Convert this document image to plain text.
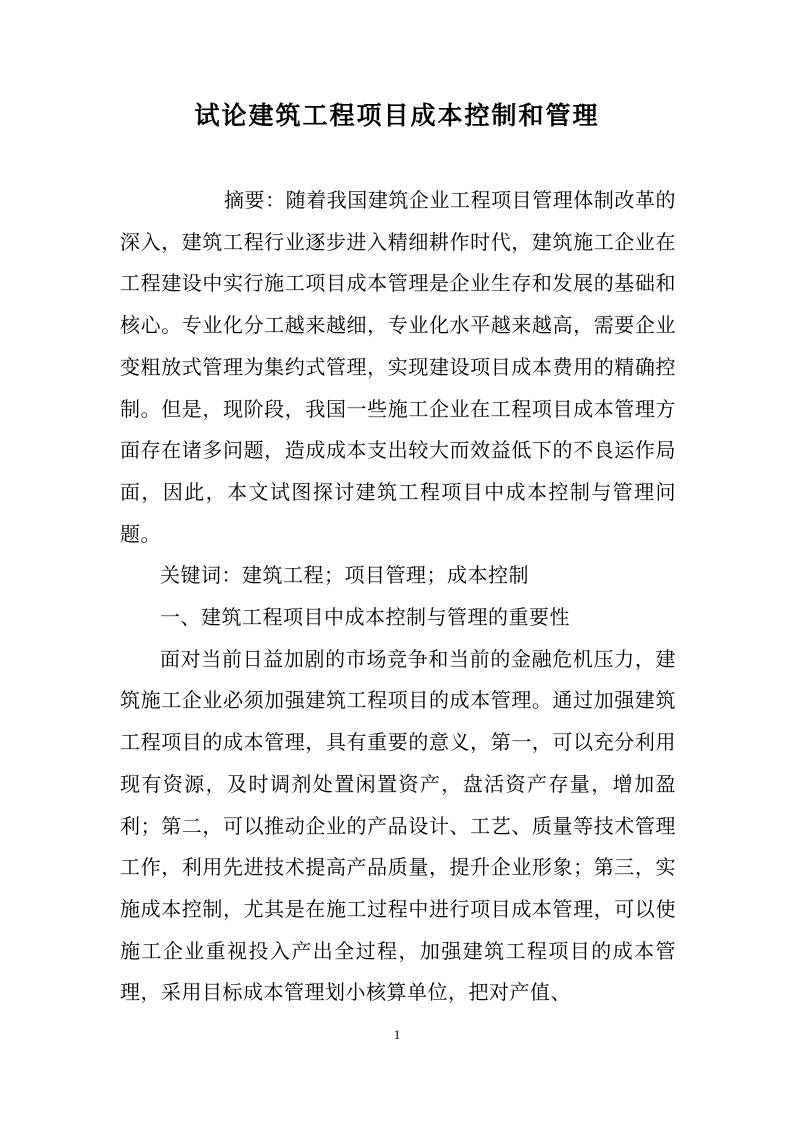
试论建筑工程项目成本控制和管理

摘要：随着我国建筑企业工程项目管理体制改革的深入，建筑工程行业逐步进入精细耕作时代，建筑施工企业在工程建设中实行施工项目成本管理是企业生存和发展的基础和核心。专业化分工越来越细，专业化水平越来越高，需要企业变粗放式管理为集约式管理，实现建设项目成本费用的精确控制。但是，现阶段，我国一些施工企业在工程项目成本管理方面存在诸多问题，造成成本支出较大而效益低下的不良运作局面，因此，本文试图探讨建筑工程项目中成本控制与管理问题。

关键词：建筑工程；项目管理；成本控制

一、建筑工程项目中成本控制与管理的重要性

面对当前日益加剧的市场竞争和当前的金融危机压力，建筑施工企业必须加强建筑工程项目的成本管理。通过加强建筑工程项目的成本管理，具有重要的意义，第一，可以充分利用现有资源，及时调剂处置闲置资产，盘活资产存量，增加盈利；第二，可以推动企业的产品设计、工艺、质量等技术管理工作，利用先进技术提高产品质量，提升企业形象；第三，实施成本控制，尤其是在施工过程中进行项目成本管理，可以使施工企业重视投入产出全过程，加强建筑工程项目的成本管理，采用目标成本管理划小核算单位，把对产值、

1
